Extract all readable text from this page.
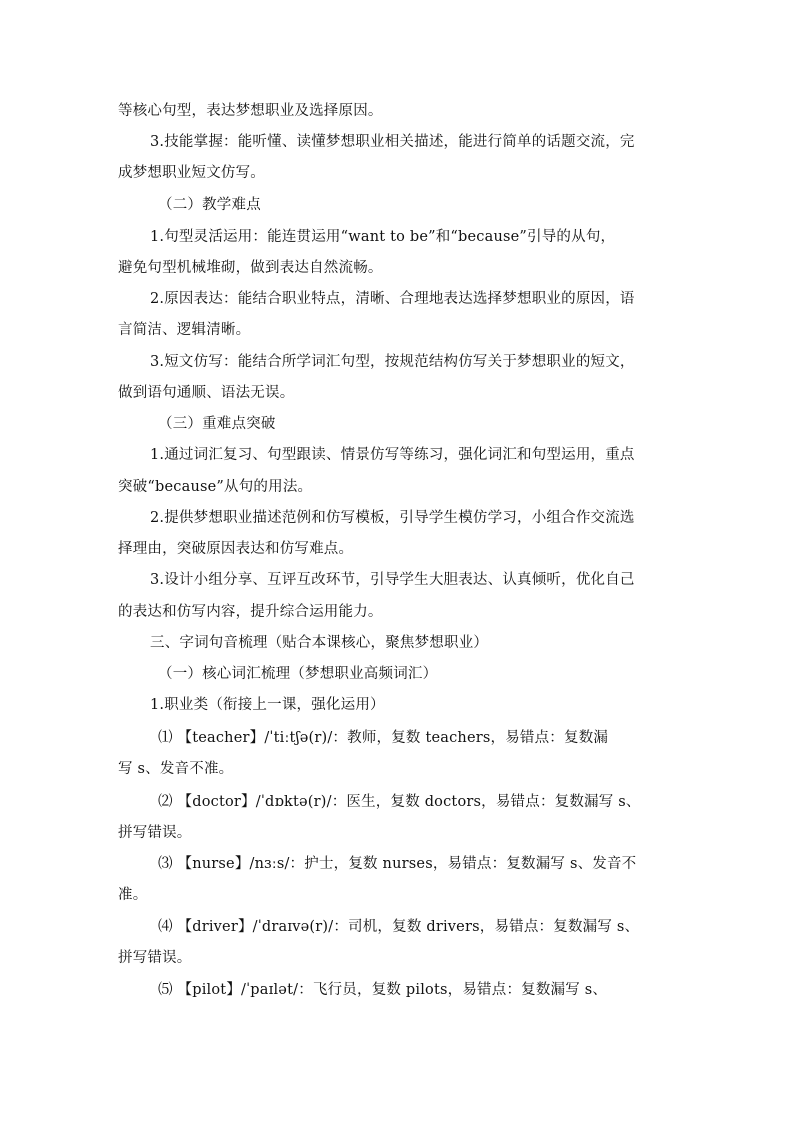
等核心句型，表达梦想职业及选择原因。
3.技能掌握：能听懂、读懂梦想职业相关描述，能进行简单的话题交流，完
成梦想职业短文仿写。
（二）教学难点
1.句型灵活运用：能连贯运用“want to be”和“because”引导的从句，
避免句型机械堆砌，做到表达自然流畅。
2.原因表达：能结合职业特点，清晰、合理地表达选择梦想职业的原因，语
言简洁、逻辑清晰。
3.短文仿写：能结合所学词汇句型，按规范结构仿写关于梦想职业的短文，
做到语句通顺、语法无误。
（三）重难点突破
1.通过词汇复习、句型跟读、情景仿写等练习，强化词汇和句型运用，重点
突破“because”从句的用法。
2.提供梦想职业描述范例和仿写模板，引导学生模仿学习，小组合作交流选
择理由，突破原因表达和仿写难点。
3.设计小组分享、互评互改环节，引导学生大胆表达、认真倾听，优化自己
的表达和仿写内容，提升综合运用能力。
三、字词句音梳理（贴合本课核心，聚焦梦想职业）
（一）核心词汇梳理（梦想职业高频词汇）
1.职业类（衔接上一课，强化运用）
⑴ 【teacher】/ˈtiːtʃə(r)/：教师，复数 teachers，易错点：复数漏
写 s、发音不准。
⑵ 【doctor】/ˈdɒktə(r)/：医生，复数 doctors，易错点：复数漏写 s、
拼写错误。
⑶ 【nurse】/nɜːs/：护士，复数 nurses，易错点：复数漏写 s、发音不
准。
⑷ 【driver】/ˈdraɪvə(r)/：司机，复数 drivers，易错点：复数漏写 s、
拼写错误。
⑸ 【pilot】/ˈpaɪlət/：飞行员，复数 pilots，易错点：复数漏写 s、
